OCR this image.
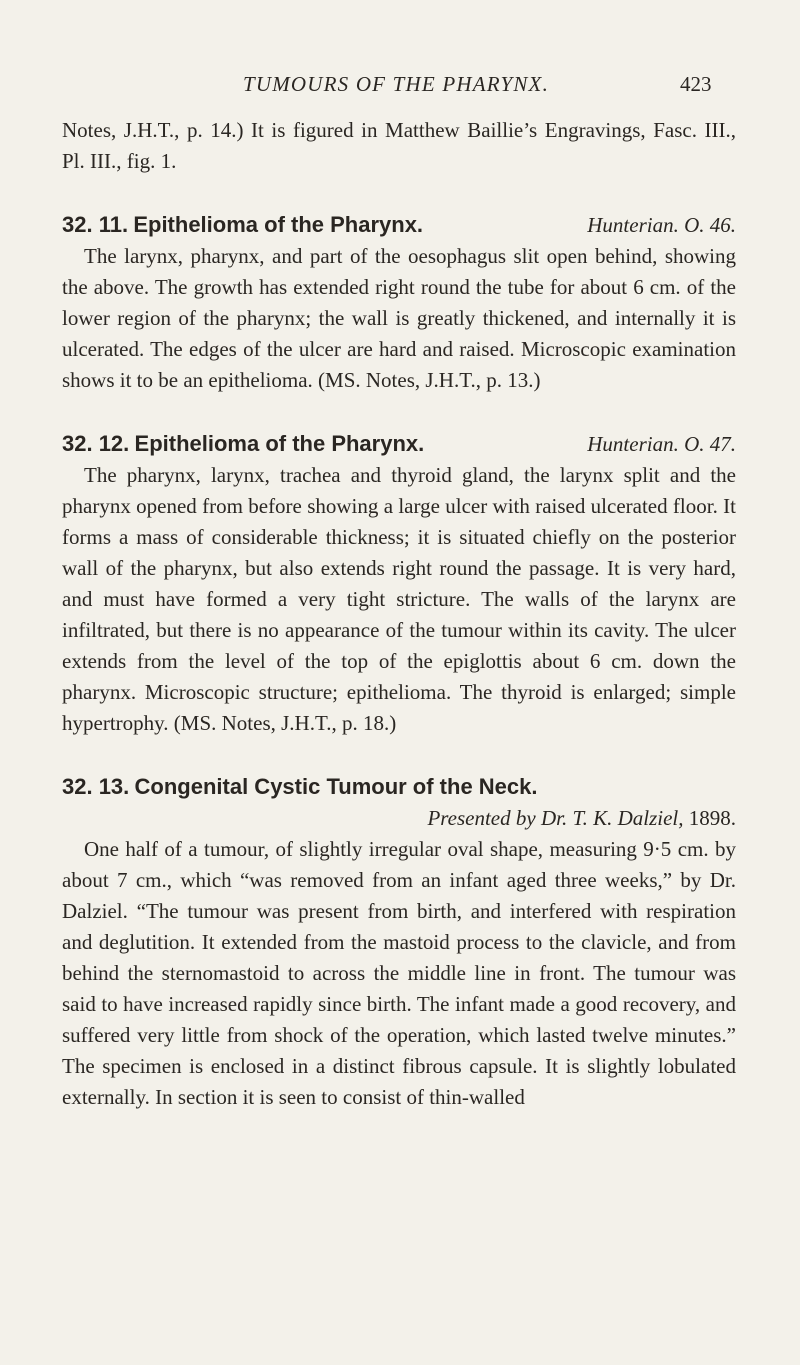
TUMOURS OF THE PHARYNX.	423

Notes, J.H.T., p. 14.) It is figured in Matthew Baillie’s Engravings, Fasc. III., Pl. III., fig. 1.

32. 11. Epithelioma of the Pharynx.	Hunterian. O. 46.

The larynx, pharynx, and part of the oesophagus slit open behind, showing the above. The growth has extended right round the tube for about 6 cm. of the lower region of the pharynx; the wall is greatly thickened, and internally it is ulcerated. The edges of the ulcer are hard and raised. Microscopic examination shows it to be an epithelioma. (MS. Notes, J.H.T., p. 13.)

32. 12. Epithelioma of the Pharynx.	Hunterian. O. 47.

The pharynx, larynx, trachea and thyroid gland, the larynx split and the pharynx opened from before showing a large ulcer with raised ulcerated floor. It forms a mass of considerable thickness; it is situated chiefly on the posterior wall of the pharynx, but also extends right round the passage. It is very hard, and must have formed a very tight stricture. The walls of the larynx are infiltrated, but there is no appearance of the tumour within its cavity. The ulcer extends from the level of the top of the epiglottis about 6 cm. down the pharynx. Microscopic structure; epithelioma. The thyroid is enlarged; simple hypertrophy. (MS. Notes, J.H.T., p. 18.)

32. 13. Congenital Cystic Tumour of the Neck.
Presented by Dr. T. K. Dalziel, 1898.

One half of a tumour, of slightly irregular oval shape, measuring 9·5 cm. by about 7 cm., which “was removed from an infant aged three weeks,” by Dr. Dalziel. “The tumour was present from birth, and interfered with respiration and deglutition. It extended from the mastoid process to the clavicle, and from behind the sternomastoid to across the middle line in front. The tumour was said to have increased rapidly since birth. The infant made a good recovery, and suffered very little from shock of the operation, which lasted twelve minutes.” The specimen is enclosed in a distinct fibrous capsule. It is slightly lobulated externally. In section it is seen to consist of thin-walled
